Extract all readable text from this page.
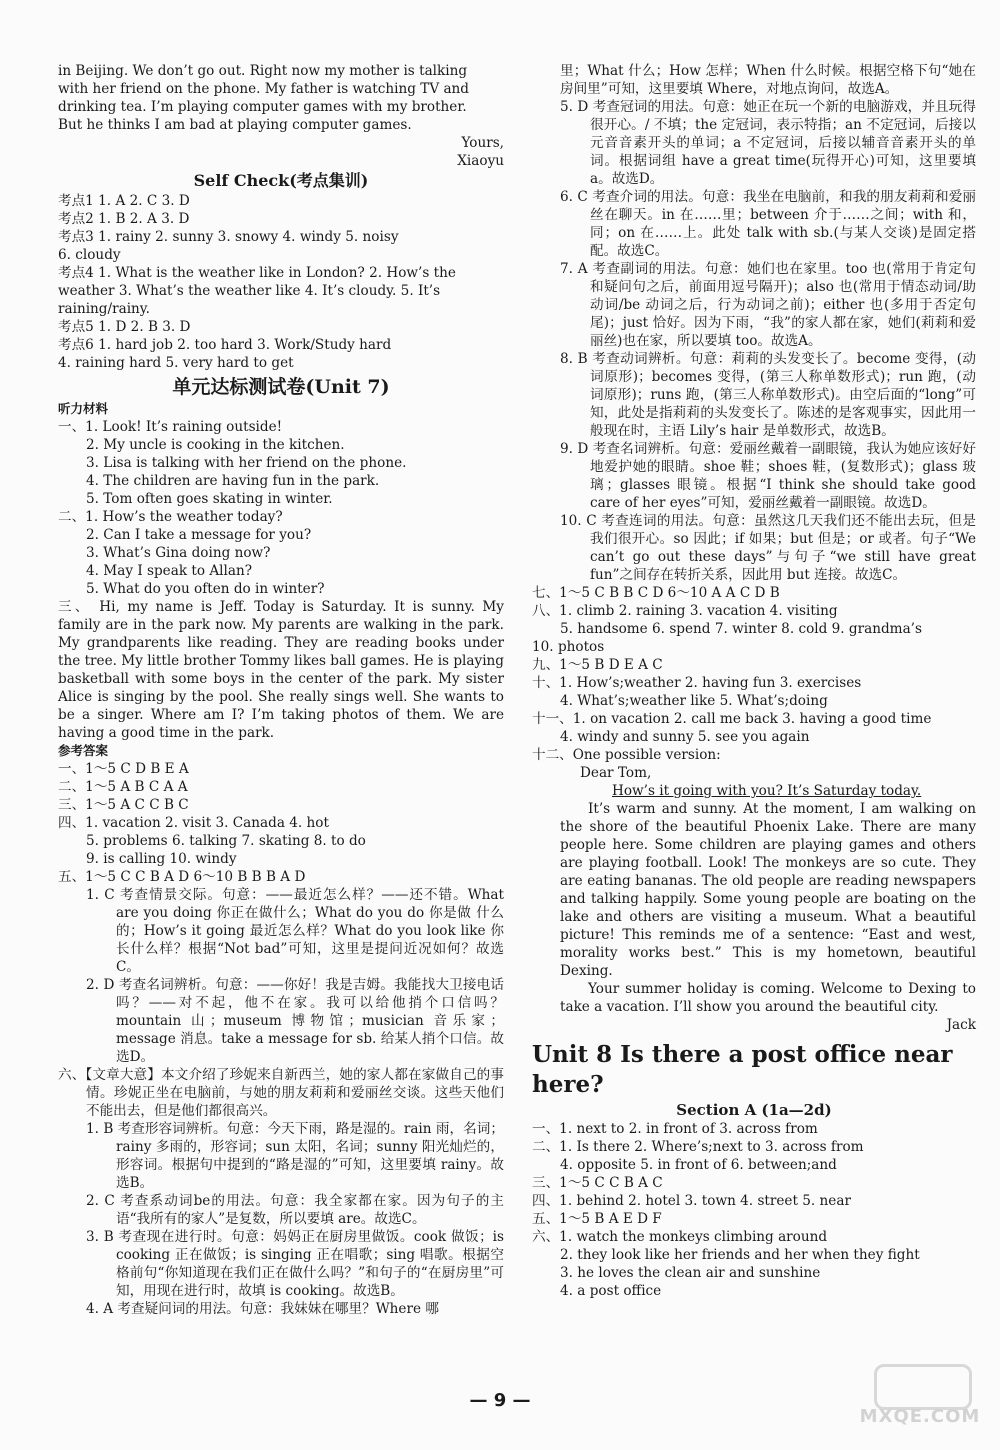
in Beijing. We don’t go out. Right now my mother is talking

with her friend on the phone. My father is watching TV and

drinking tea. I’m playing computer games with my brother.

But he thinks I am bad at playing computer games.

Yours,

Xiaoyu

Self Check(考点集训)

考点1 1. A 2. C 3. D

考点2 1. B 2. A 3. D

考点3 1. rainy 2. sunny 3. snowy 4. windy 5. noisy

6. cloudy

考点4 1. What is the weather like in London? 2. How’s the

weather 3. What’s the weather like 4. It’s cloudy. 5. It’s

raining/rainy.

考点5 1. D 2. B 3. D

考点6 1. hard job 2. too hard 3. Work/Study hard

4. raining hard 5. very hard to get

单元达标测试卷(Unit 7)

听力材料

一、1. Look! It’s raining outside!

2. My uncle is cooking in the kitchen.

3. Lisa is talking with her friend on the phone.

4. The children are having fun in the park.

5. Tom often goes skating in winter.

二、1. How’s the weather today?

2. Can I take a message for you?

3. What’s Gina doing now?

4. May I speak to Allan?

5. What do you often do in winter?

三、 Hi, my name is Jeff. Today is Saturday. It is sunny. My family are in the park now. My parents are walking in the park. My grandparents like reading. They are reading books under the tree. My little brother Tommy likes ball games. He is playing basketball with some boys in the center of the park. My sister Alice is singing by the pool. She really sings well. She wants to be a singer. Where am I? I’m taking photos of them. We are having a good time in the park.

参考答案

一、1～5 C D B E A

二、1～5 A B C A A

三、1～5 A C C B C

四、1. vacation 2. visit 3. Canada 4. hot

5. problems 6. talking 7. skating 8. to do

9. is calling 10. windy

五、1～5 C C B A D 6～10 B B B A D

1. C 考查情景交际。句意：——最近怎么样？——还不错。What are you doing 你正在做什么；What do you do 你是做 什么的；How’s it going 最近怎么样？What do you look like 你长什么样？根据“Not bad”可知，这里是提问近况如何？故选C。

2. D 考查名词辨析。句意：——你好！我是吉姆。我能找大卫接电话吗？——对不起，他不在家。我可以给他捎个口信吗？mountain 山；museum 博物馆；musician 音乐家；message 消息。take a message for sb. 给某人捎个口信。故选D。

六、【文章大意】本文介绍了珍妮来自新西兰，她的家人都在家做自己的事情。珍妮正坐在电脑前，与她的朋友莉莉和爱丽丝交谈。这些天他们不能出去，但是他们都很高兴。

1. B 考查形容词辨析。句意：今天下雨，路是湿的。rain 雨，名词；rainy 多雨的，形容词；sun 太阳，名词；sunny 阳光灿烂的，形容词。根据句中提到的“路是湿的”可知，这里要填 rainy。故选B。

2. C 考查系动词be的用法。句意：我全家都在家。因为句子的主语“我所有的家人”是复数，所以要填 are。故选C。

3. B 考查现在进行时。句意：妈妈正在厨房里做饭。cook 做饭；is cooking 正在做饭；is singing 正在唱歌；sing 唱歌。根据空格前句“你知道现在我们正在做什么吗？”和句子的“在厨房里”可知，用现在进行时，故填 is cooking。故选B。

4. A 考查疑问词的用法。句意：我妹妹在哪里？Where 哪

里；What 什么；How 怎样；When 什么时候。根据空格下句“她在房间里”可知，这里要填 Where，对地点询问，故选A。

5. D 考查冠词的用法。句意：她正在玩一个新的电脑游戏，并且玩得很开心。/ 不填；the 定冠词，表示特指；an 不定冠词，后接以元音音素开头的单词；a 不定冠词，后接以辅音音素开头的单词。根据词组 have a great time(玩得开心)可知，这里要填 a。故选D。

6. C 考查介词的用法。句意：我坐在电脑前，和我的朋友莉莉和爱丽丝在聊天。in 在……里；between 介于……之间；with 和，同；on 在……上。此处 talk with sb.(与某人交谈)是固定搭配。故选C。

7. A 考查副词的用法。句意：她们也在家里。too 也(常用于肯定句和疑问句之后，前面用逗号隔开)；also 也(常用于情态动词/助动词/be 动词之后，行为动词之前)；either 也(多用于否定句尾)；just 恰好。因为下雨，“我”的家人都在家，她们(莉莉和爱丽丝)也在家，所以要填 too。故选A。

8. B 考查动词辨析。句意：莉莉的头发变长了。become 变得，(动词原形)；becomes 变得，(第三人称单数形式)；run 跑，(动词原形)；runs 跑，(第三人称单数形式)。由空后面的“long”可知，此处是指莉莉的头发变长了。陈述的是客观事实，因此用一般现在时，主语 Lily’s hair 是单数形式，故选B。

9. D 考查名词辨析。句意：爱丽丝戴着一副眼镜，我认为她应该好好地爱护她的眼睛。shoe 鞋；shoes 鞋，(复数形式)；glass 玻璃；glasses 眼镜。根据“I think she should take good care of her eyes”可知，爱丽丝戴着一副眼镜。故选D。

10. C 考查连词的用法。句意：虽然这几天我们还不能出去玩，但是我们很开心。so 因此；if 如果；but 但是；or 或者。句子“We can’t go out these days”与句子“we still have great fun”之间存在转折关系，因此用 but 连接。故选C。

七、1～5 C B B C D 6～10 A A C D B

八、1. climb 2. raining 3. vacation 4. visiting

5. handsome 6. spend 7. winter 8. cold 9. grandma’s

10. photos

九、1～5 B D E A C

十、1. How’s;weather 2. having fun 3. exercises

4. What’s;weather like 5. What’s;doing

十一、1. on vacation 2. call me back 3. having a good time

4. windy and sunny 5. see you again

十二、One possible version:

Dear Tom,

How’s it going with you? It’s Saturday today.

It’s warm and sunny. At the moment, I am walking on the shore of the beautiful Phoenix Lake. There are many people here. Some children are playing games and others are playing football. Look! The monkeys are so cute. They are eating bananas. The old people are reading newspapers and talking happily. Some young people are boating on the lake and others are visiting a museum. What a beautiful picture! This reminds me of a sentence: “East and west, morality works best.” This is my hometown, beautiful Dexing.

Your summer holiday is coming. Welcome to Dexing to take a vacation. I’ll show you around the beautiful city.

Jack

Unit 8 Is there a post office near here?

Section A (1a—2d)

一、1. next to 2. in front of 3. across from

二、1. Is there 2. Where’s;next to 3. across from

4. opposite 5. in front of 6. between;and

三、1～5 C C B A C

四、1. behind 2. hotel 3. town 4. street 5. near

五、1～5 B A E D F

六、1. watch the monkeys climbing around

2. they look like her friends and her when they fight

3. he loves the clean air and sunshine

4. a post office

— 9 —
MXQE.COM
